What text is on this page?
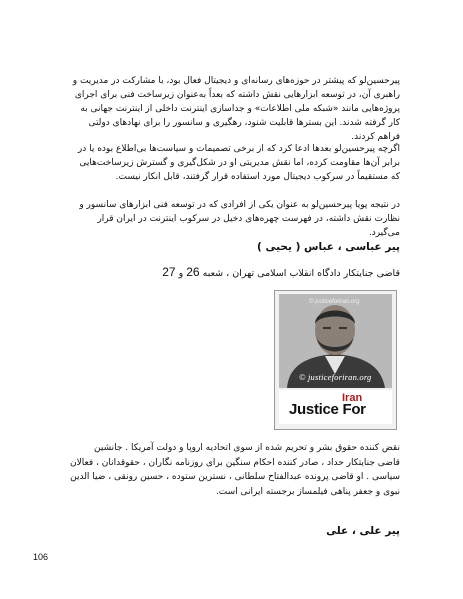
پیرحسین‌لو که پیشتر در حوزه‌های رسانه‌ای و دیجیتال فعال بود، با مشارکت در مدیریت و راهبری آن، در توسعه ابزارهایی نقش داشته که بعداً به‌عنوان زیرساخت فنی برای اجرای پروژه‌هایی مانند «شبکه ملی اطلاعات» و جداسازی اینترنت داخلی از اینترنت جهانی به کار گرفته شدند. این بسترها قابلیت شنود، رهگیری و سانسور را برای نهادهای دولتی فراهم کردند.

اگرچه پیرحسین‌لو بعدها ادعا کرد که از برخی تصمیمات و سیاست‌ها بی‌اطلاع بوده یا در برابر آن‌ها مقاومت کرده، اما نقش مدیریتی او در شکل‌گیری و گسترش زیرساخت‌هایی که مستقیماً در سرکوب دیجیتال مورد استفاده قرار گرفتند، قابل انکار نیست.

در نتیجه پویا پیرحسین‌لو به عنوان یکی از افرادی که در توسعه فنی ابزارهای سانسور و نظارت نقش داشته، در فهرست چهره‌های دخیل در سرکوب اینترنت در ایران قرار می‌گیرد.

پیر عباسی ، عباس ( یحیی )

قاضی جنایتکار دادگاه انقلاب اسلامی تهران ، شعبه 26 و 27

© justiceforiran.org
© justiceforiran.org
Justice For
Iran

نقض کننده حقوق بشر و تحریم شده از سوی اتحادیه اروپا و دولت آمریکا . جانشین قاضی جنایتکار حداد ، صادر کننده احکام سنگین برای روزنامه نگاران ، حقوقدانان ، فعالان سیاسی . او قاضی پرونده عبدالفتاح سلطانی ، نسترین ستوده ، حسین رونقی ، ضیا الدین نبوی و جعفر پناهی فیلمساز برجسته ایرانی است.

پیر علی ، علی
106
